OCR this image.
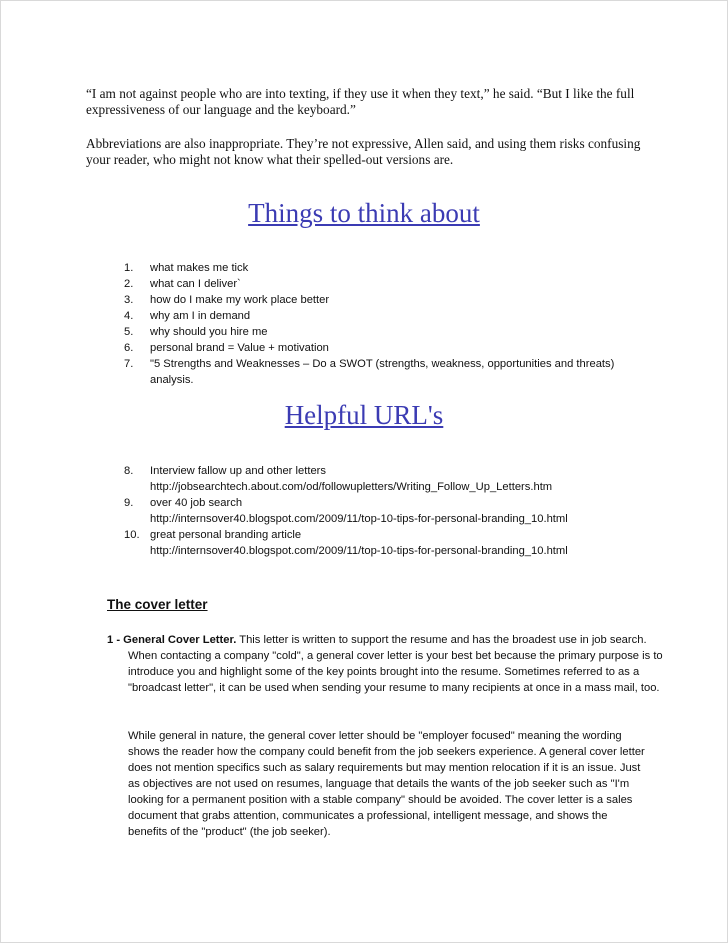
“I am not against people who are into texting, if they use it when they text,” he said. “But I like the full expressiveness of our language and the keyboard.”

Abbreviations are also inappropriate. They’re not expressive, Allen said, and using them risks confusing your reader, who might not know what their spelled-out versions are.

Things to think about
1.	what makes me tick
2.	what can I deliver`
3.	how do I make my work place better
4.	why am I in demand
5.	why should you hire me
6.	personal brand = Value + motivation
7.	"5 Strengths and Weaknesses – Do a SWOT (strengths, weakness, opportunities and threats) analysis.
Helpful URL's
8.	Interview fallow up and other letters
http://jobsearchtech.about.com/od/followupletters/Writing_Follow_Up_Letters.htm
9.	over 40 job search
http://internsover40.blogspot.com/2009/11/top-10-tips-for-personal-branding_10.html
10. great personal branding article
http://internsover40.blogspot.com/2009/11/top-10-tips-for-personal-branding_10.html
The cover letter

1 - General Cover Letter. This letter is written to support the resume and has the broadest use in job search. When contacting a company "cold", a general cover letter is your best bet because the primary purpose is to introduce you and highlight some of the key points brought into the resume. Sometimes referred to as a "broadcast letter", it can be used when sending your resume to many recipients at once in a mass mail, too.

While general in nature, the general cover letter should be "employer focused" meaning the wording shows the reader how the company could benefit from the job seekers experience. A general cover letter does not mention specifics such as salary requirements but may mention relocation if it is an issue. Just as objectives are not used on resumes, language that details the wants of the job seeker such as "I'm looking for a permanent position with a stable company" should be avoided. The cover letter is a sales document that grabs attention, communicates a professional, intelligent message, and shows the benefits of the "product" (the job seeker).
